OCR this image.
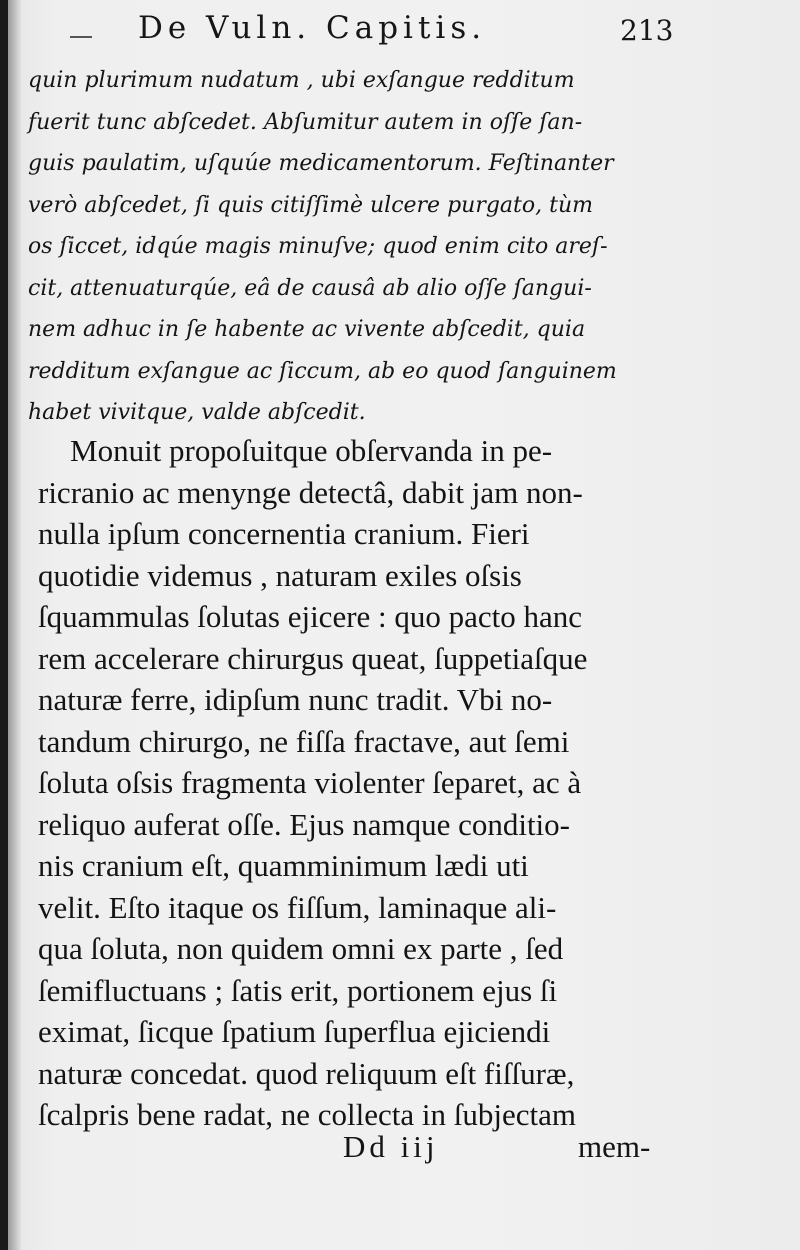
De Vuln. Capitis.	213
quin plurimum nudatum , ubi exſangue redditum
fuerit tunc abſcedet. Abſumitur autem in oſſe ſan-
guis paulatim, uſquúe medicamentorum. Feſtinanter
verò abſcedet, ſi quis citiſſimè ulcere purgato, tùm
os ſiccet, idqúe magis minuſve; quod enim cito areſ-
cit, attenuaturqúe, eâ de causâ ab alio oſſe ſangui-
nem adhuc in ſe habente ac vivente abſcedit, quia
redditum exſangue ac ſiccum, ab eo quod ſanguinem
habet vivitque, valde abſcedit.
Monuit propoſuitque obſervanda in pe-
ricranio ac menynge detectâ, dabit jam non-
nulla ipſum concernentia cranium. Fieri
quotidie videmus , naturam exiles oſsis
ſquammulas ſolutas ejicere : quo pacto hanc
rem accelerare chirurgus queat, ſuppetiaſque
naturæ ferre, idipſum nunc tradit. Vbi no-
tandum chirurgo, ne fiſſa fractave, aut ſemi
ſoluta oſsis fragmenta violenter ſeparet, ac à
reliquo auferat oſſe. Ejus namque conditio-
nis cranium eſt, quamminimum lædi uti
velit. Eſto itaque os fiſſum, laminaque ali-
qua ſoluta, non quidem omni ex parte , ſed
ſemifluctuans ; ſatis erit, portionem ejus ſi
eximat, ſicque ſpatium ſuperflua ejiciendi
naturæ concedat. quod reliquum eſt fiſſuræ,
ſcalpris bene radat, ne collecta in ſubjectam
Dd iij	mem-
